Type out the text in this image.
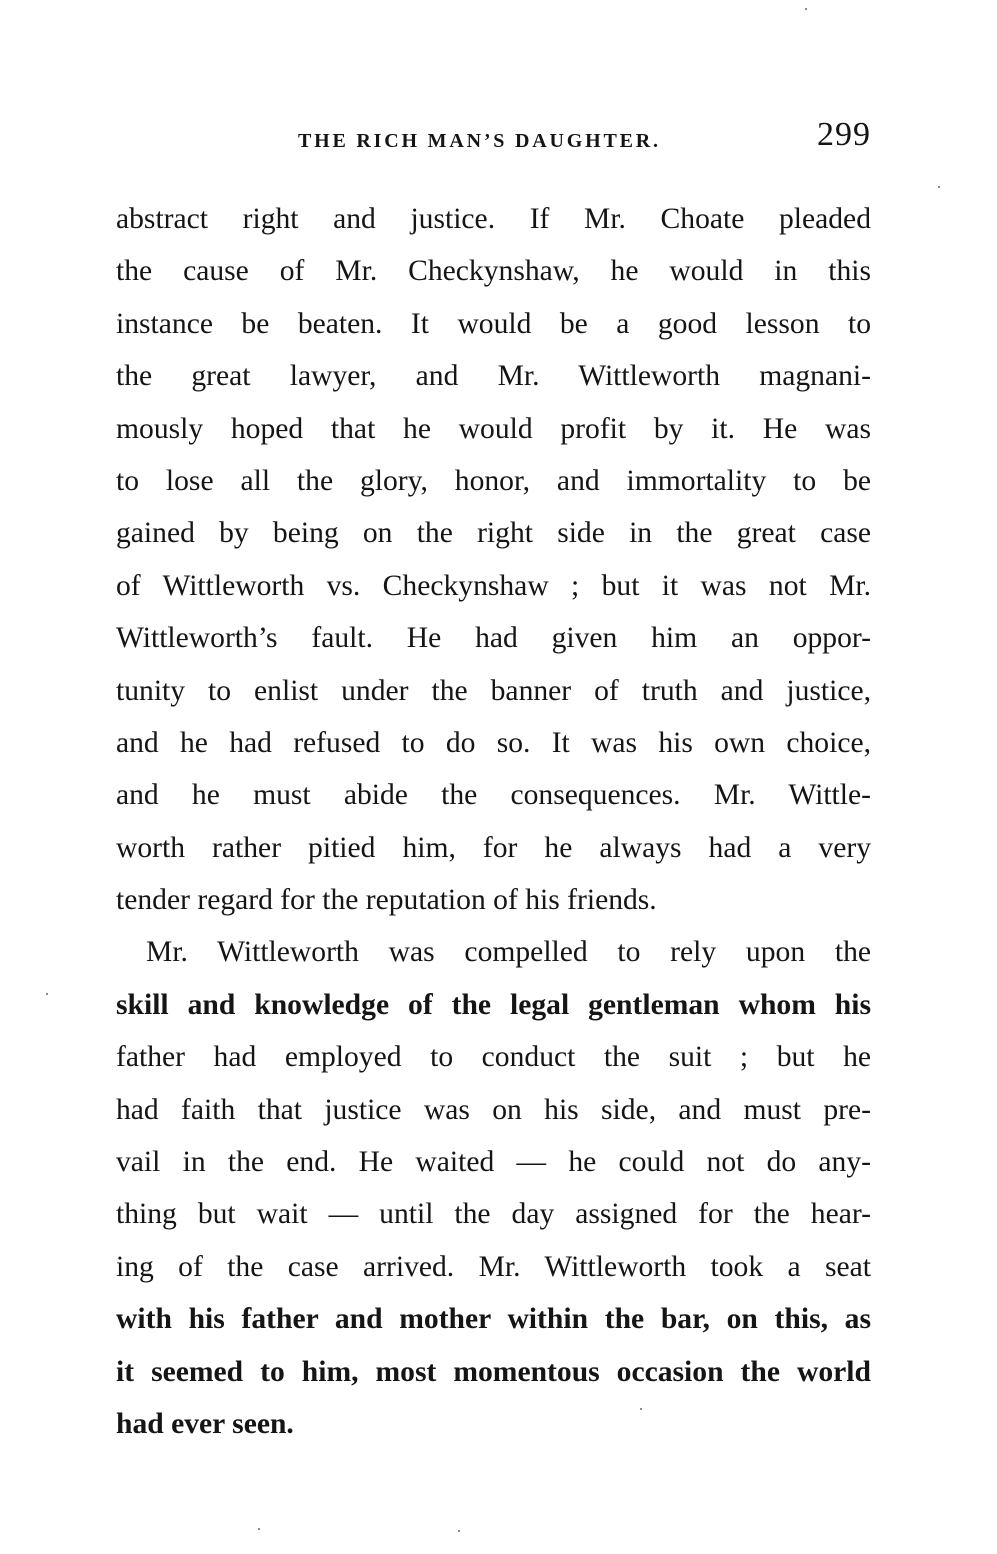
THE RICH MAN’S DAUGHTER.	299
abstract right and justice. If Mr. Choate pleaded
the cause of Mr. Checkynshaw, he would in this
instance be beaten. It would be a good lesson to
the great lawyer, and Mr. Wittleworth magnani-
mously hoped that he would profit by it. He was
to lose all the glory, honor, and immortality to be
gained by being on the right side in the great case
of Wittleworth vs. Checkynshaw ; but it was not Mr.
Wittleworth’s fault. He had given him an oppor-
tunity to enlist under the banner of truth and justice,
and he had refused to do so. It was his own choice,
and he must abide the consequences. Mr. Wittle-
worth rather pitied him, for he always had a very
tender regard for the reputation of his friends.
Mr. Wittleworth was compelled to rely upon the
skill and knowledge of the legal gentleman whom his
father had employed to conduct the suit ; but he
had faith that justice was on his side, and must pre-
vail in the end. He waited — he could not do any-
thing but wait — until the day assigned for the hear-
ing of the case arrived. Mr. Wittleworth took a seat
with his father and mother within the bar, on this, as
it seemed to him, most momentous occasion the world
had ever seen.
